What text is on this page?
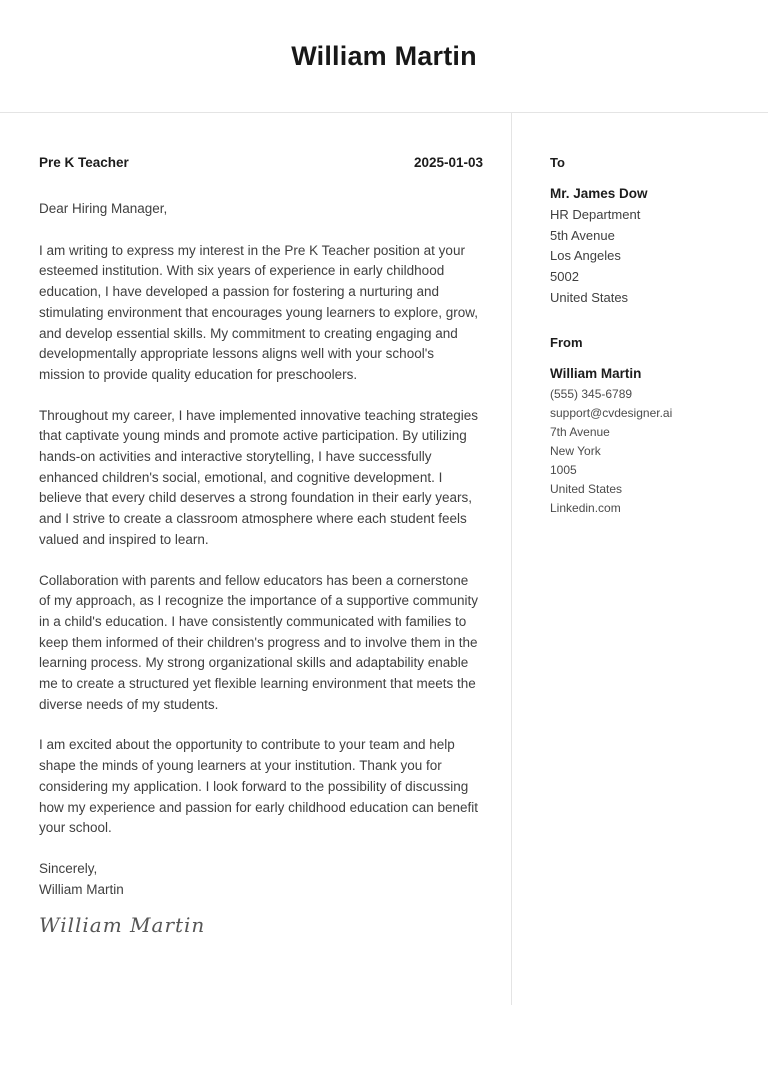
William Martin
Pre K Teacher	2025-01-03
Dear Hiring Manager,

I am writing to express my interest in the Pre K Teacher position at your esteemed institution. With six years of experience in early childhood education, I have developed a passion for fostering a nurturing and stimulating environment that encourages young learners to explore, grow, and develop essential skills. My commitment to creating engaging and developmentally appropriate lessons aligns well with your school's mission to provide quality education for preschoolers.

Throughout my career, I have implemented innovative teaching strategies that captivate young minds and promote active participation. By utilizing hands-on activities and interactive storytelling, I have successfully enhanced children's social, emotional, and cognitive development. I believe that every child deserves a strong foundation in their early years, and I strive to create a classroom atmosphere where each student feels valued and inspired to learn.

Collaboration with parents and fellow educators has been a cornerstone of my approach, as I recognize the importance of a supportive community in a child's education. I have consistently communicated with families to keep them informed of their children's progress and to involve them in the learning process. My strong organizational skills and adaptability enable me to create a structured yet flexible learning environment that meets the diverse needs of my students.

I am excited about the opportunity to contribute to your team and help shape the minds of young learners at your institution. Thank you for considering my application. I look forward to the possibility of discussing how my experience and passion for early childhood education can benefit your school.

Sincerely,
William Martin
William Martin
To
Mr. James Dow
HR Department
5th Avenue
Los Angeles
5002
United States
From
William Martin
(555) 345-6789
support@cvdesigner.ai
7th Avenue
New York
1005
United States
Linkedin.com
